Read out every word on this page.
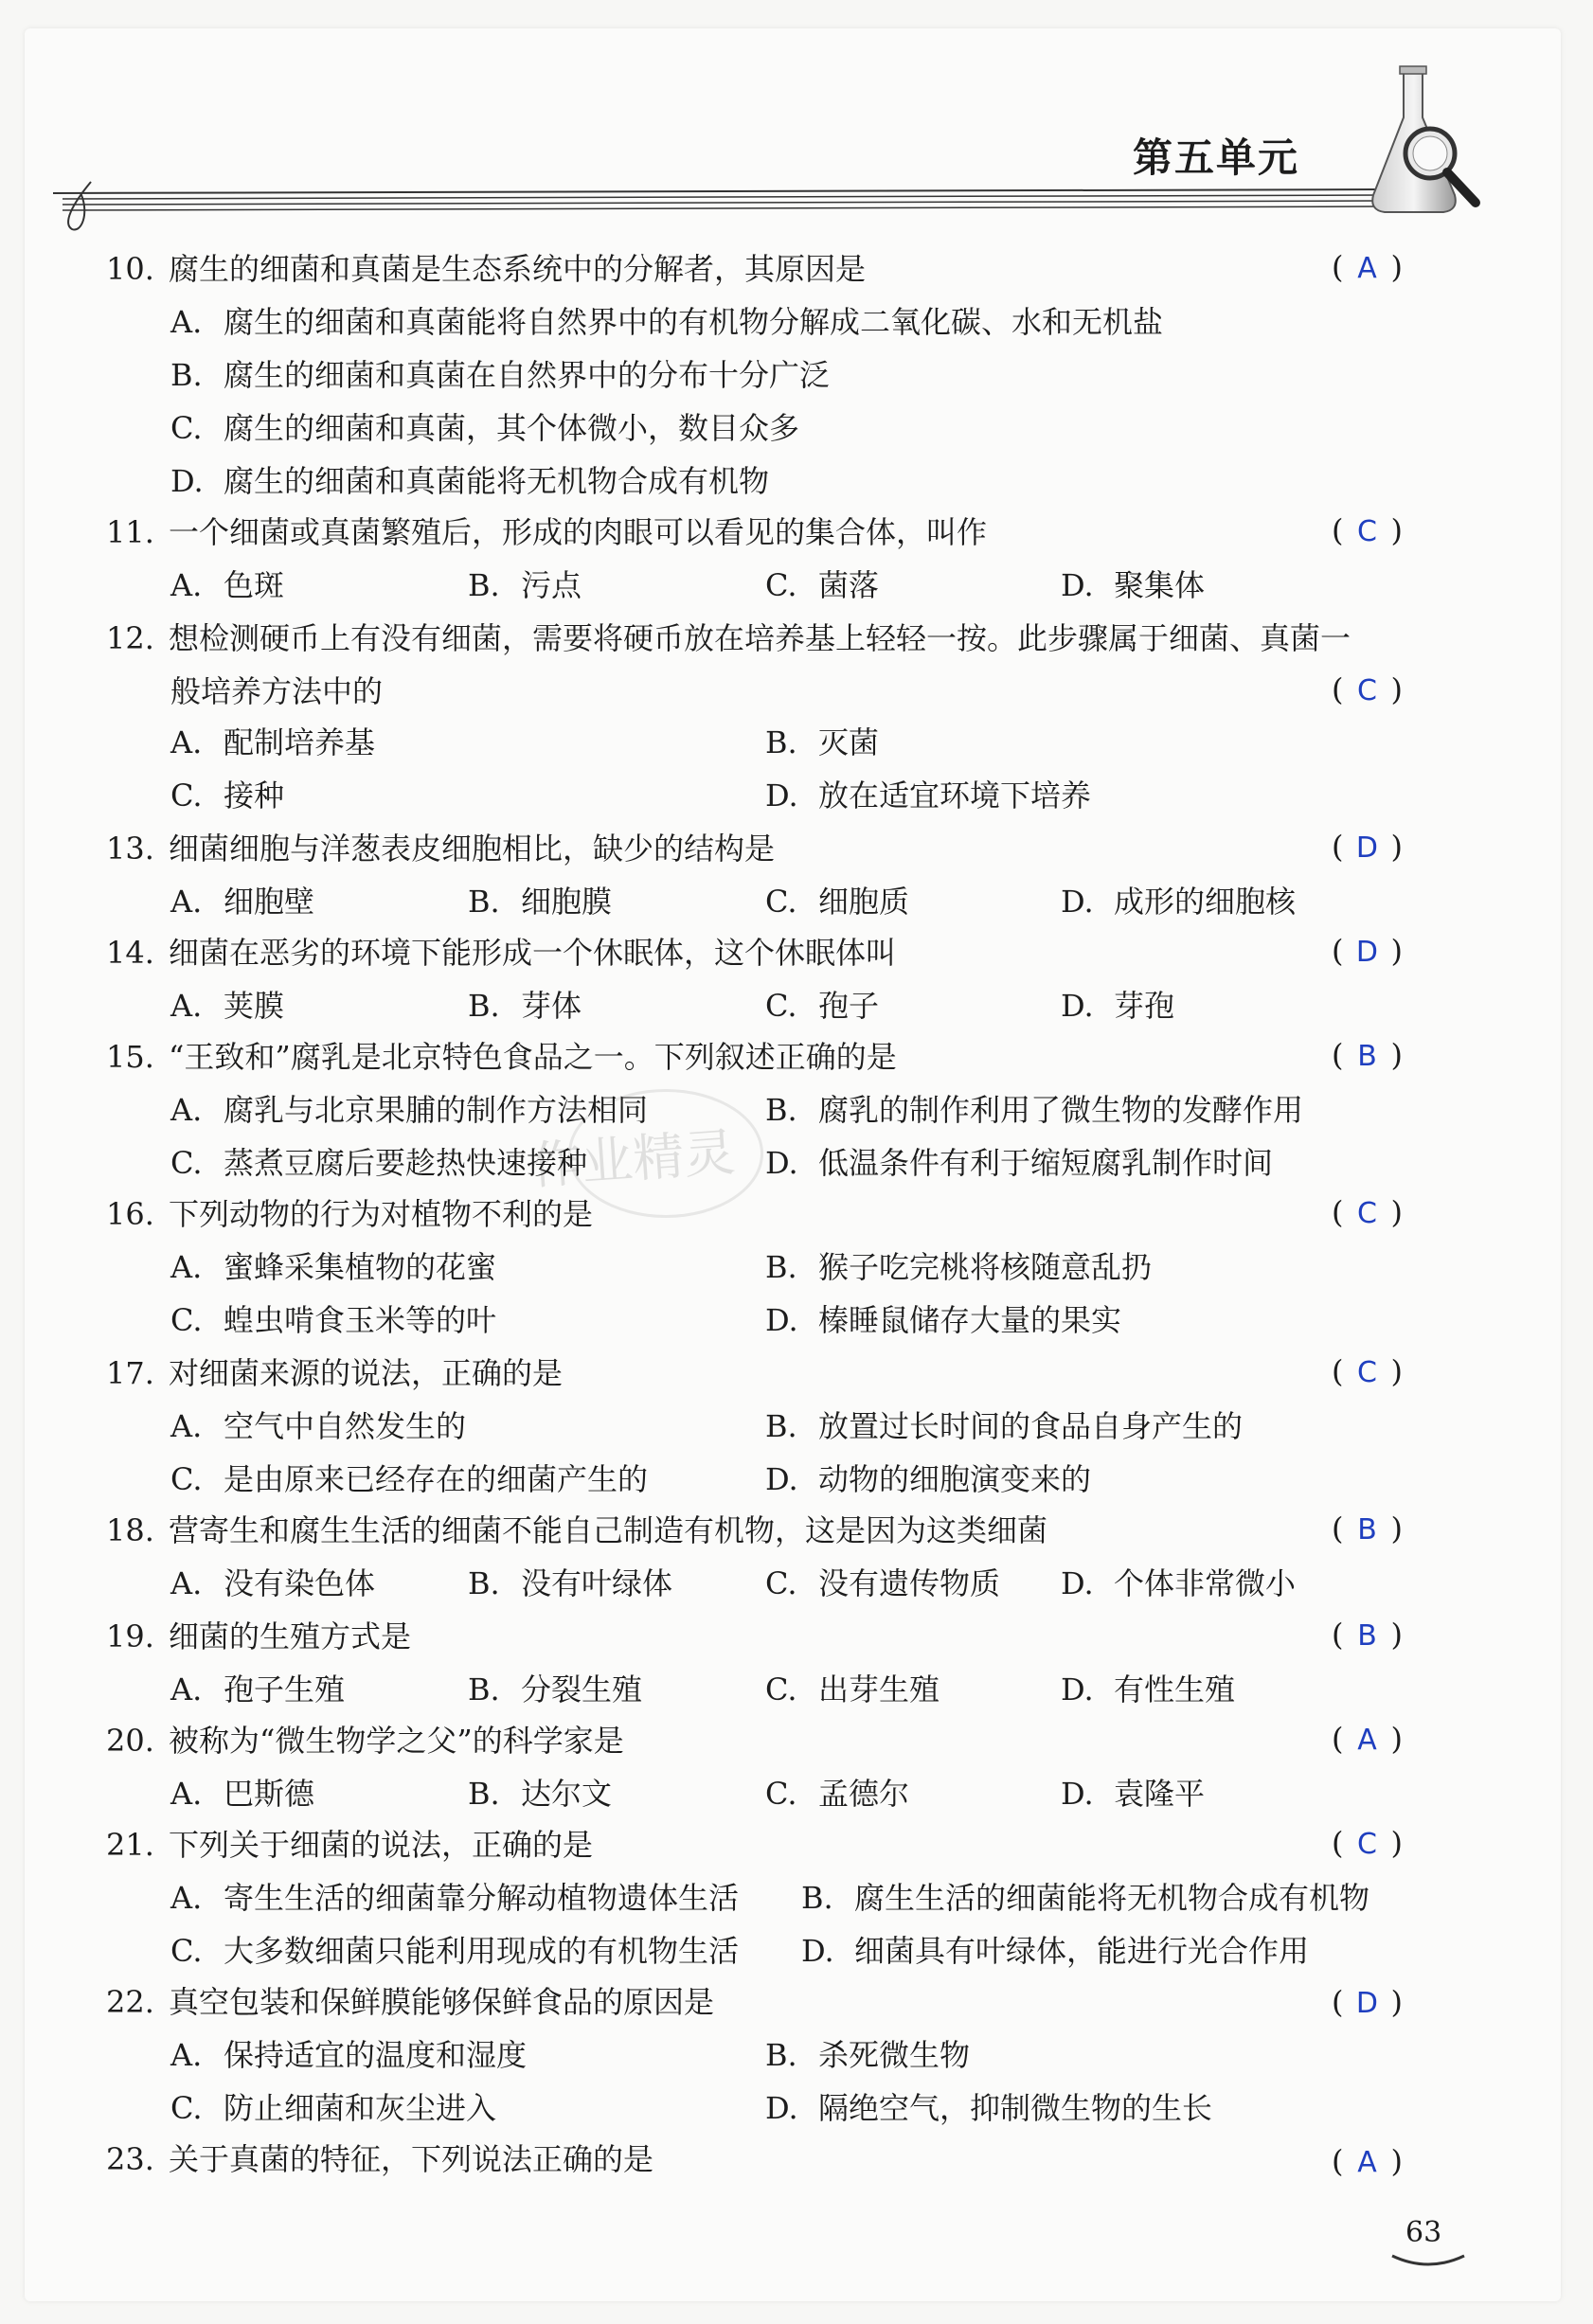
第五单元
作业精灵
10. 腐生的细菌和真菌是生态系统中的分解者，其原因是	( A )
A. 腐生的细菌和真菌能将自然界中的有机物分解成二氧化碳、水和无机盐
B. 腐生的细菌和真菌在自然界中的分布十分广泛
C. 腐生的细菌和真菌，其个体微小，数目众多
D. 腐生的细菌和真菌能将无机物合成有机物
11. 一个细菌或真菌繁殖后，形成的肉眼可以看见的集合体，叫作	( C )
A. 色斑	B. 污点	C. 菌落	D. 聚集体
12. 想检测硬币上有没有细菌，需要将硬币放在培养基上轻轻一按。此步骤属于细菌、真菌一
般培养方法中的	( C )
A. 配制培养基	B. 灭菌
C. 接种	D. 放在适宜环境下培养
13. 细菌细胞与洋葱表皮细胞相比，缺少的结构是	( D )
A. 细胞壁	B. 细胞膜	C. 细胞质	D. 成形的细胞核
14. 细菌在恶劣的环境下能形成一个休眠体，这个休眠体叫	( D )
A. 荚膜	B. 芽体	C. 孢子	D. 芽孢
15. “王致和”腐乳是北京特色食品之一。下列叙述正确的是	( B )
A. 腐乳与北京果脯的制作方法相同	B. 腐乳的制作利用了微生物的发酵作用
C. 蒸煮豆腐后要趁热快速接种	D. 低温条件有利于缩短腐乳制作时间
16. 下列动物的行为对植物不利的是	( C )
A. 蜜蜂采集植物的花蜜	B. 猴子吃完桃将核随意乱扔
C. 蝗虫啃食玉米等的叶	D. 榛睡鼠储存大量的果实
17. 对细菌来源的说法，正确的是	( C )
A. 空气中自然发生的	B. 放置过长时间的食品自身产生的
C. 是由原来已经存在的细菌产生的	D. 动物的细胞演变来的
18. 营寄生和腐生生活的细菌不能自己制造有机物，这是因为这类细菌	( B )
A. 没有染色体	B. 没有叶绿体	C. 没有遗传物质 D. 个体非常微小
19. 细菌的生殖方式是	( B )
A. 孢子生殖	B. 分裂生殖	C. 出芽生殖	D. 有性生殖
20. 被称为“微生物学之父”的科学家是	( A )
A. 巴斯德	B. 达尔文	C. 孟德尔	D. 袁隆平
21. 下列关于细菌的说法，正确的是	( C )
A. 寄生生活的细菌靠分解动植物遗体生活 B. 腐生生活的细菌能将无机物合成有机物
C. 大多数细菌只能利用现成的有机物生活 D. 细菌具有叶绿体，能进行光合作用
22. 真空包装和保鲜膜能够保鲜食品的原因是	( D )
A. 保持适宜的温度和湿度	B. 杀死微生物
C. 防止细菌和灰尘进入	D. 隔绝空气，抑制微生物的生长
23. 关于真菌的特征，下列说法正确的是	( A )
63
